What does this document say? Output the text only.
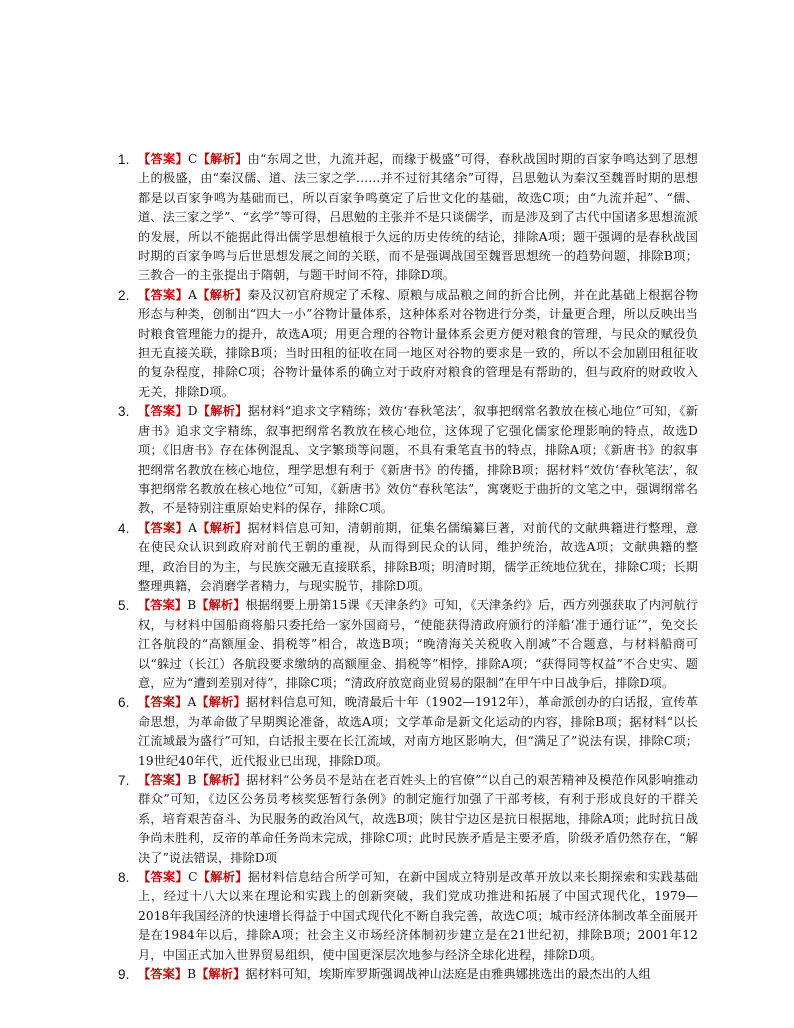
1. 【答案】C【解析】由“东周之世，九流并起，而缘于极盛”可得，春秋战国时期的百家争鸣达到了思想上的极盛，由“秦汉儒、道、法三家之学……并不过衍其绪余”可得，吕思勉认为秦汉至魏晋时期的思想都是以百家争鸣为基础而已，所以百家争鸣奠定了后世文化的基础，故选C项；由“九流并起”、“儒、道、法三家之学”、“玄学”等可得，吕思勉的主张并不是只谈儒学，而是涉及到了古代中国诸多思想流派的发展，所以不能据此得出儒学思想植根于久远的历史传统的结论，排除A项；题干强调的是春秋战国时期的百家争鸣与后世思想发展之间的关联，而不是强调战国至魏晋思想统一的趋势问题，排除B项；三教合一的主张提出于隋朝，与题干时间不符，排除D项。

2. 【答案】A【解析】秦及汉初官府规定了禾稼、原粮与成品粮之间的折合比例，并在此基础上根据谷物形态与种类，创制出“四大一小”谷物计量体系，这种体系对谷物进行分类，计量更合理，所以反映出当时粮食管理能力的提升，故选A项；用更合理的谷物计量体系会更方便对粮食的管理，与民众的赋役负担无直接关联，排除B项；当时田租的征收在同一地区对谷物的要求是一致的，所以不会加剧田租征收的复杂程度，排除C项；谷物计量体系的确立对于政府对粮食的管理是有帮助的，但与政府的财政收入无关，排除D项。

3. 【答案】D【解析】据材料“追求文字精练；效仿‘春秋笔法’，叙事把纲常名教放在核心地位”可知，《新唐书》追求文字精练，叙事把纲常名教放在核心地位，这体现了它强化儒家伦理影响的特点，故选D项；《旧唐书》存在体例混乱、文字繁琐等问题，不具有秉笔直书的特点，排除A项；《新唐书》的叙事把纲常名教放在核心地位，理学思想有利于《新唐书》的传播，排除B项；据材料“效仿‘春秋笔法’，叙事把纲常名教放在核心地位”可知，《新唐书》效仿“春秋笔法”，寓褒贬于曲折的文笔之中，强调纲常名教，不是特别注重原始史料的保存，排除C项。

4. 【答案】A【解析】据材料信息可知，清朝前期，征集名儒编纂巨著，对前代的文献典籍进行整理，意在使民众认识到政府对前代王朝的重视，从而得到民众的认同，维护统治，故选A项；文献典籍的整理，政治目的为主，与民族交融无直接联系，排除B项；明清时期，儒学正统地位犹在，排除C项；长期整理典籍，会消磨学者精力，与现实脱节，排除D项。

5. 【答案】B【解析】根据纲要上册第15课《天津条约》可知，《天津条约》后，西方列强获取了内河航行权，与材料中国船商将船只委托给一家外国商号，“使能获得清政府颁行的洋船‘准于通行证’”，免交长江各航段的“高额厘金、捐税等”相合，故选B项；“晚清海关关税收入削减”不合题意，与材料船商可以“躲过（长江）各航段要求缴纳的高额厘金、捐税等”相悖，排除A项；“获得同等权益”不合史实、题意，应为“遭到差别对待”，排除C项；“清政府放宽商业贸易的限制”在甲午中日战争后，排除D项。

6. 【答案】A【解析】据材料信息可知，晚清最后十年（1902—1912年），革命派创办的白话报，宣传革命思想，为革命做了早期舆论准备，故选A项；文学革命是新文化运动的内容，排除B项；据材料“以长江流域最为盛行”可知，白话报主要在长江流域，对南方地区影响大，但“满足了”说法有误，排除C项；19世纪40年代，近代报业已出现，排除D项。

7. 【答案】B【解析】据材料“公务员不是站在老百姓头上的官僚”“以自己的艰苦精神及模范作风影响推动群众”可知，《边区公务员考核奖惩暂行条例》的制定施行加强了干部考核，有利于形成良好的干群关系，培育艰苦奋斗、为民服务的政治风气，故选B项；陕甘宁边区是抗日根据地，排除A项；此时抗日战争尚未胜利，反帝的革命任务尚未完成，排除C项；此时民族矛盾是主要矛盾，阶级矛盾仍然存在，“解决了”说法错误，排除D项

8. 【答案】C【解析】据材料信息结合所学可知，在新中国成立特别是改革开放以来长期探索和实践基础上，经过十八大以来在理论和实践上的创新突破，我们党成功推进和拓展了中国式现代化，1979—2018年我国经济的快速增长得益于中国式现代化不断自我完善，故选C项；城市经济体制改革全面展开是在1984年以后，排除A项；社会主义市场经济体制初步建立是在21世纪初，排除B项；2001年12月，中国正式加入世界贸易组织，使中国更深层次地参与经济全球化进程，排除D项。

9. 【答案】B【解析】据材料可知，埃斯库罗斯强调战神山法庭是由雅典娜挑选出的最杰出的人组
